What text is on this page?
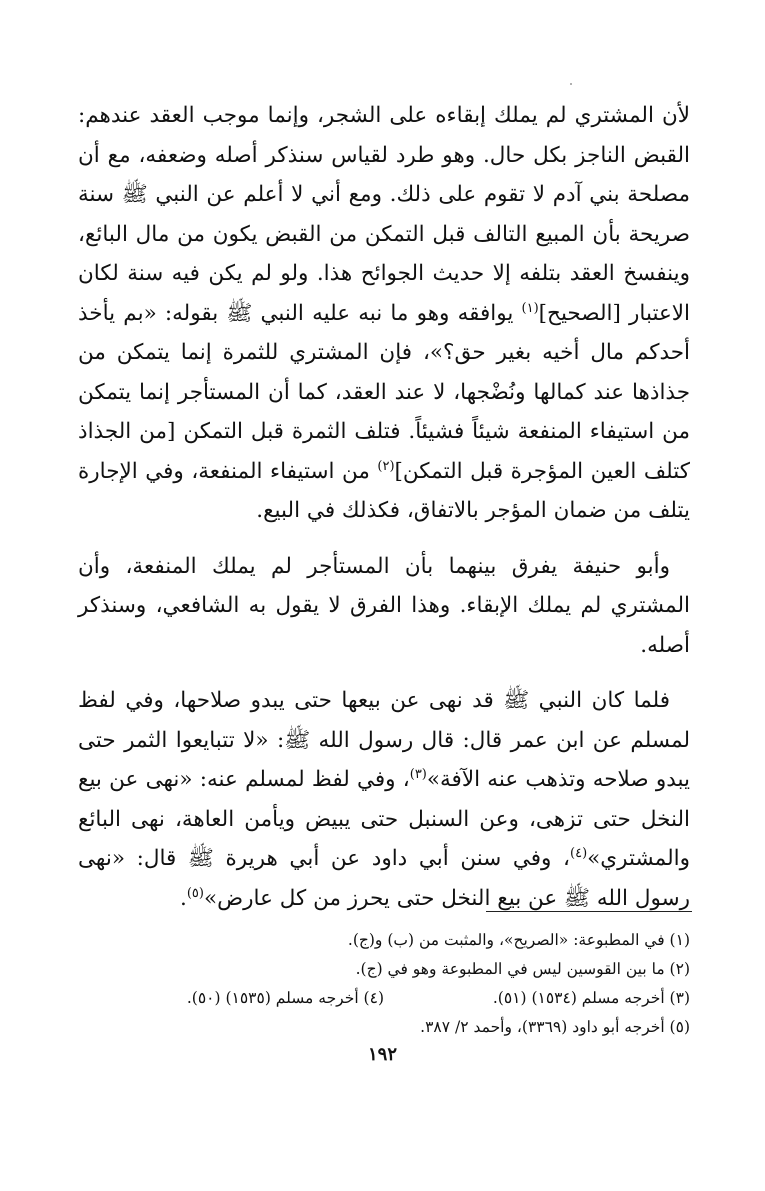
لأن المشتري لم يملك إبقاءه على الشجر، وإنما موجب العقد عندهم: القبض الناجز بكل حال. وهو طرد لقياس سنذكر أصله وضعفه، مع أن مصلحة بني آدم لا تقوم على ذلك. ومع أني لا أعلم عن النبي ﷺ سنة صريحة بأن المبيع التالف قبل التمكن من القبض يكون من مال البائع، وينفسخ العقد بتلفه إلا حديث الجوائح هذا. ولو لم يكن فيه سنة لكان الاعتبار [الصحيح]$^{(١)}$ يوافقه وهو ما نبه عليه النبي ﷺ بقوله: «بم يأخذ أحدكم مال أخيه بغير حق؟»، فإن المشتري للثمرة إنما يتمكن من جذاذها عند كمالها ونُضْجها، لا عند العقد، كما أن المستأجر إنما يتمكن من استيفاء المنفعة شيئاً فشيئاً. فتلف الثمرة قبل التمكن [من الجذاذ كتلف العين المؤجرة قبل التمكن]$^{(٢)}$ من استيفاء المنفعة، وفي الإجارة يتلف من ضمان المؤجر بالاتفاق، فكذلك في البيع.

وأبو حنيفة يفرق بينهما بأن المستأجر لم يملك المنفعة، وأن المشتري لم يملك الإبقاء. وهذا الفرق لا يقول به الشافعي، وسنذكر أصله.

فلما كان النبي ﷺ قد نهى عن بيعها حتى يبدو صلاحها، وفي لفظ لمسلم عن ابن عمر قال: قال رسول الله ﷺ: «لا تتبايعوا الثمر حتى يبدو صلاحه وتذهب عنه الآفة»$^{(٣)}$، وفي لفظ لمسلم عنه: «نهى عن بيع النخل حتى تزهى، وعن السنبل حتى يبيض ويأمن العاهة، نهى البائع والمشتري»$^{(٤)}$، وفي سنن أبي داود عن أبي هريرة ﷺ قال: «نهى رسول الله ﷺ عن بيع النخل حتى يحرز من كل عارض»$^{(٥)}$.

(١) في المطبوعة: «الصريح»، والمثبت من (ب) و(ج).
(٢) ما بين القوسين ليس في المطبوعة وهو في (ج).
(٣) أخرجه مسلم (١٥٣٤) (٥١).
(٤) أخرجه مسلم (١٥٣٥) (٥٠).
(٥) أخرجه أبو داود (٣٣٦٩)، وأحمد ٢/ ٣٨٧.
١٩٢
